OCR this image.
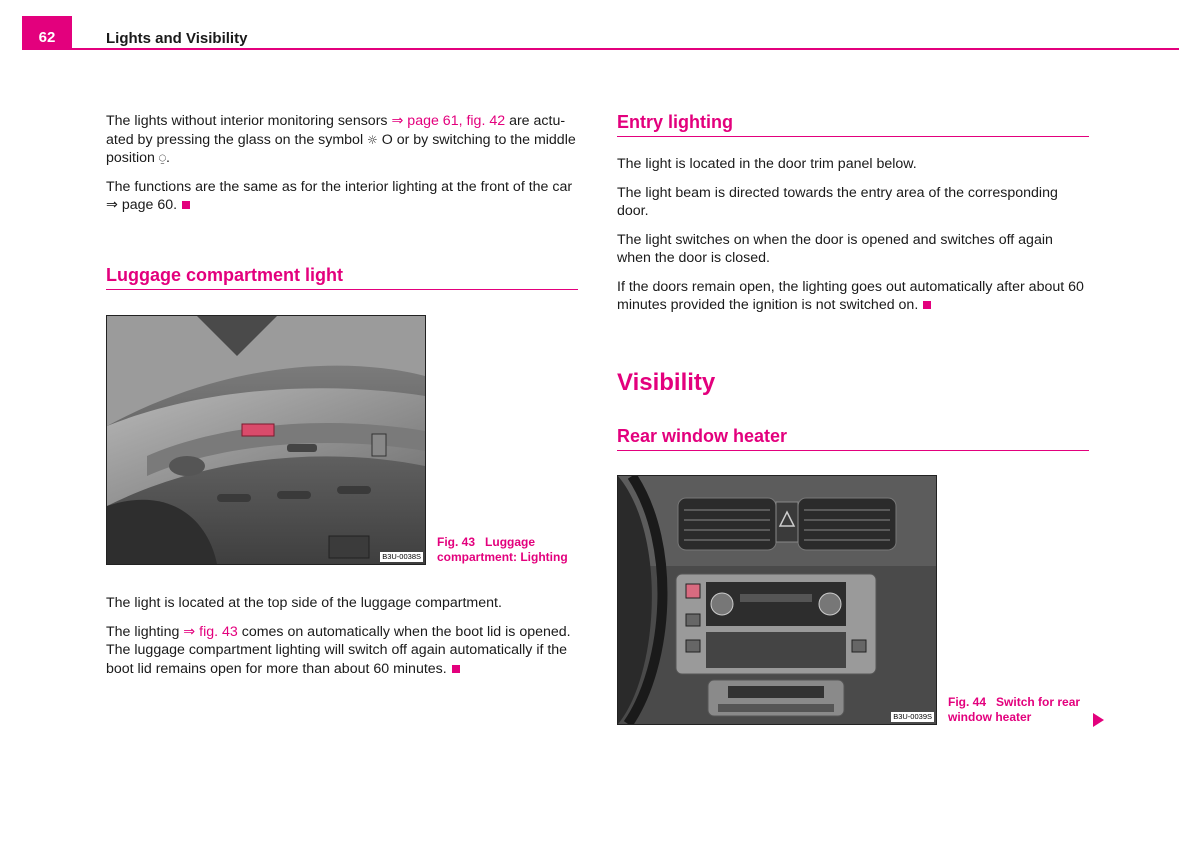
62	Lights and Visibility

The lights without interior monitoring sensors ⇒ page 61, fig. 42 are actu-ated by pressing the glass on the symbol ☼ O or by switching to the middle position ⍜.

The functions are the same as for the interior lighting at the front of the car ⇒ page 60.

Luggage compartment light
B3U-0038S
Fig. 43 Luggage compartment: Lighting

The light is located at the top side of the luggage compartment.

The lighting ⇒ fig. 43 comes on automatically when the boot lid is opened. The luggage compartment lighting will switch off again automatically if the boot lid remains open for more than about 60 minutes.

Entry lighting

The light is located in the door trim panel below.

The light beam is directed towards the entry area of the corresponding door.

The light switches on when the door is opened and switches off again when the door is closed.

If the doors remain open, the lighting goes out automatically after about 60 minutes provided the ignition is not switched on.

Visibility
Rear window heater
B3U-0039S
Fig. 44 Switch for rear window heater
